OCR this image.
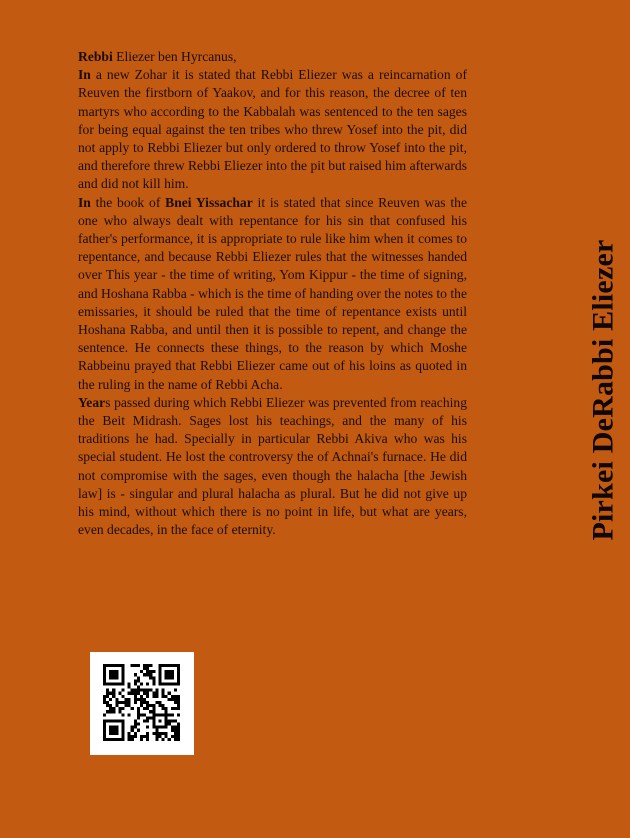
Rebbi Eliezer ben Hyrcanus,

In a new Zohar it is stated that Rebbi Eliezer was a reincarnation of Reuven the firstborn of Yaakov, and for this reason, the decree of ten martyrs who according to the Kabbalah was sentenced to the ten sages for being equal against the ten tribes who threw Yosef into the pit, did not apply to Rebbi Eliezer but only ordered to throw Yosef into the pit, and therefore threw Rebbi Eliezer into the pit but raised him afterwards and did not kill him.

In the book of Bnei Yissachar it is stated that since Reuven was the one who always dealt with repentance for his sin that confused his father's performance, it is appropriate to rule like him when it comes to repentance, and because Rebbi Eliezer rules that the witnesses handed over This year - the time of writing, Yom Kippur - the time of signing, and Hoshana Rabba - which is the time of handing over the notes to the emissaries, it should be ruled that the time of repentance exists until Hoshana Rabba, and until then it is possible to repent, and change the sentence. He connects these things, to the reason by which Moshe Rabbeinu prayed that Rebbi Eliezer came out of his loins as quoted in the ruling in the name of Rebbi Acha.

Years passed during which Rebbi Eliezer was prevented from reaching the Beit Midrash. Sages lost his teachings, and the many of his traditions he had. Specially in particular Rebbi Akiva who was his special student. He lost the controversy the of Achnai's furnace. He did not compromise with the sages, even though the halacha [the Jewish law] is - singular and plural halacha as plural. But he did not give up his mind, without which there is no point in life, but what are years, even decades, in the face of eternity.	Pirkei DeRabbi Eliezer
